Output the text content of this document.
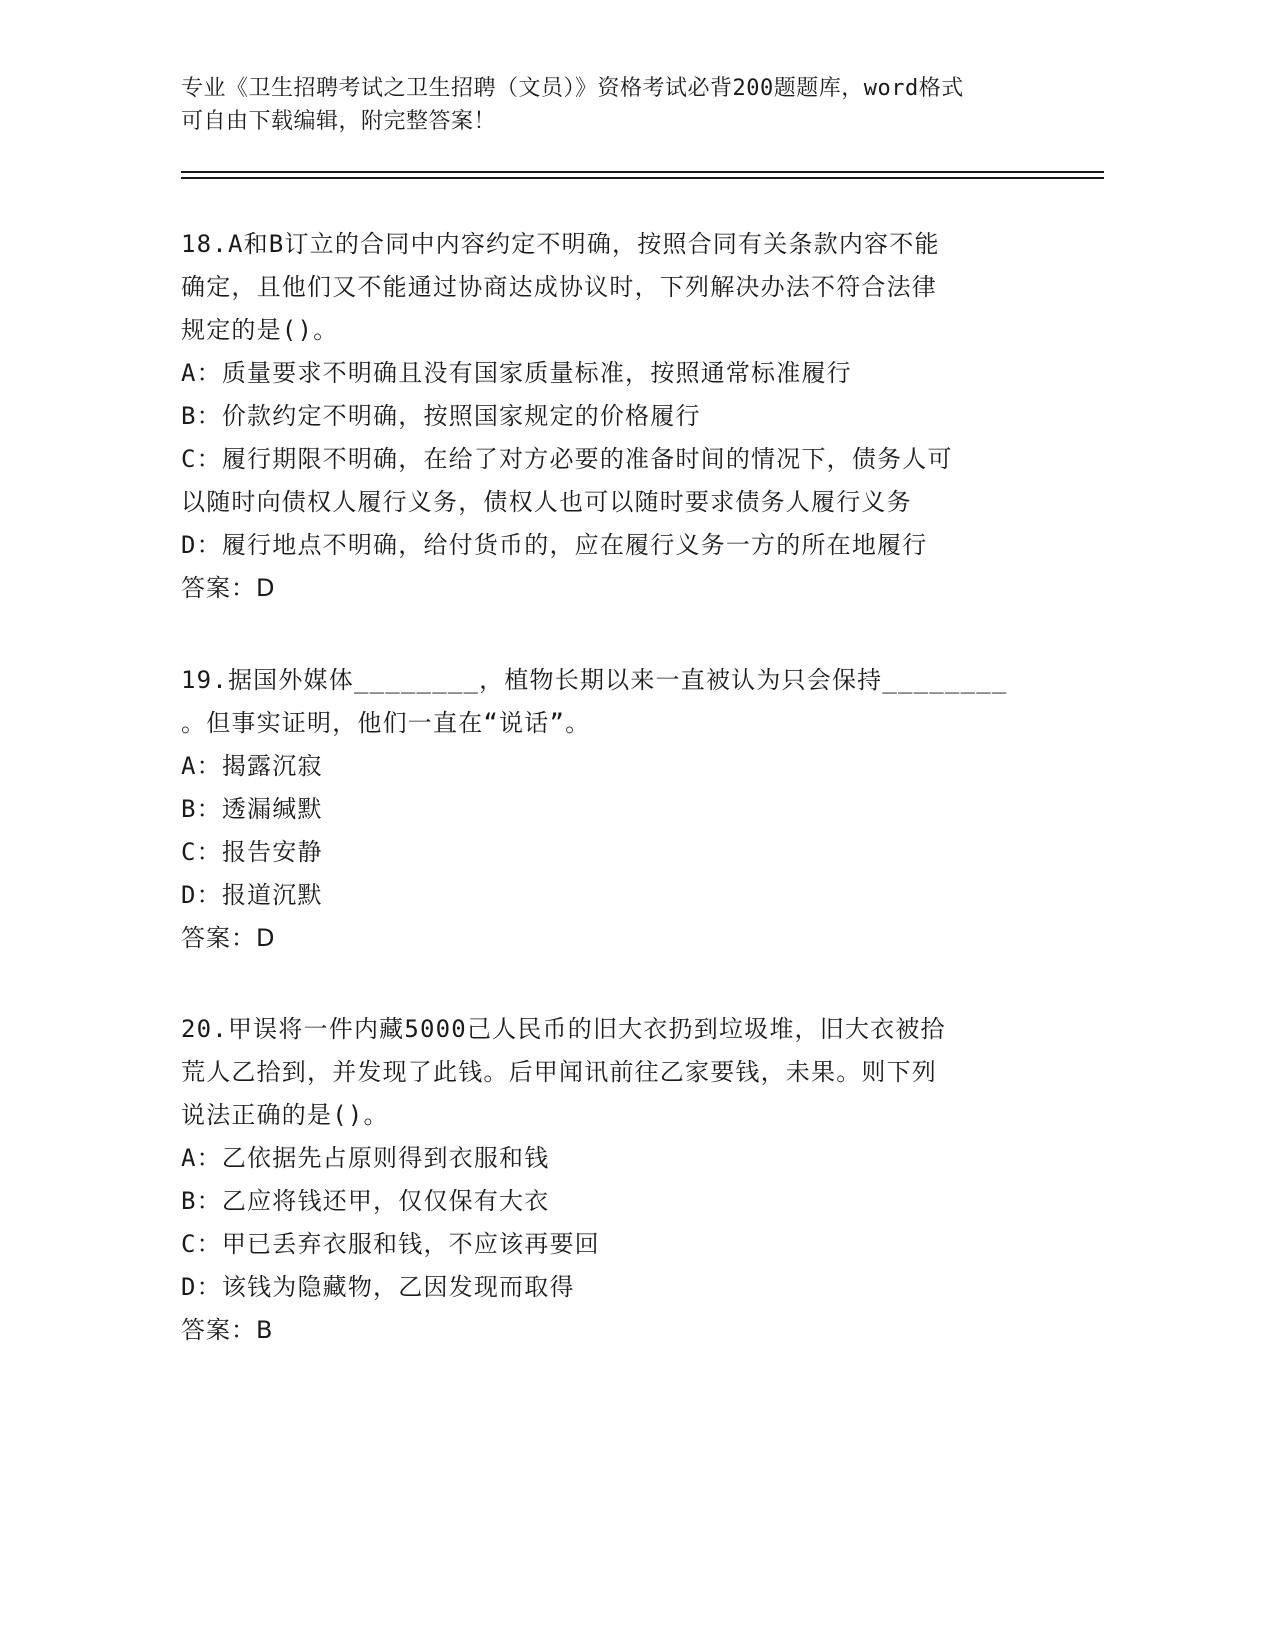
专业《卫生招聘考试之卫生招聘（文员）》资格考试必背200题题库，word格式
可自由下载编辑，附完整答案！
18.A和B订立的合同中内容约定不明确，按照合同有关条款内容不能
确定，且他们又不能通过协商达成协议时，下列解决办法不符合法律
规定的是()。
A：质量要求不明确且没有国家质量标准，按照通常标准履行
B：价款约定不明确，按照国家规定的价格履行
C：履行期限不明确，在给了对方必要的准备时间的情况下，债务人可
以随时向债权人履行义务，债权人也可以随时要求债务人履行义务
D：履行地点不明确，给付货币的，应在履行义务一方的所在地履行
答案：D
19.据国外媒体________，植物长期以来一直被认为只会保持________
。但事实证明，他们一直在“说话”。
A：揭露沉寂
B：透漏缄默
C：报告安静
D：报道沉默
答案：D
20.甲误将一件内藏5000己人民币的旧大衣扔到垃圾堆，旧大衣被拾
荒人乙拾到，并发现了此钱。后甲闻讯前往乙家要钱，未果。则下列
说法正确的是()。
A：乙依据先占原则得到衣服和钱
B：乙应将钱还甲，仅仅保有大衣
C：甲已丢弃衣服和钱，不应该再要回
D：该钱为隐藏物，乙因发现而取得
答案：B
